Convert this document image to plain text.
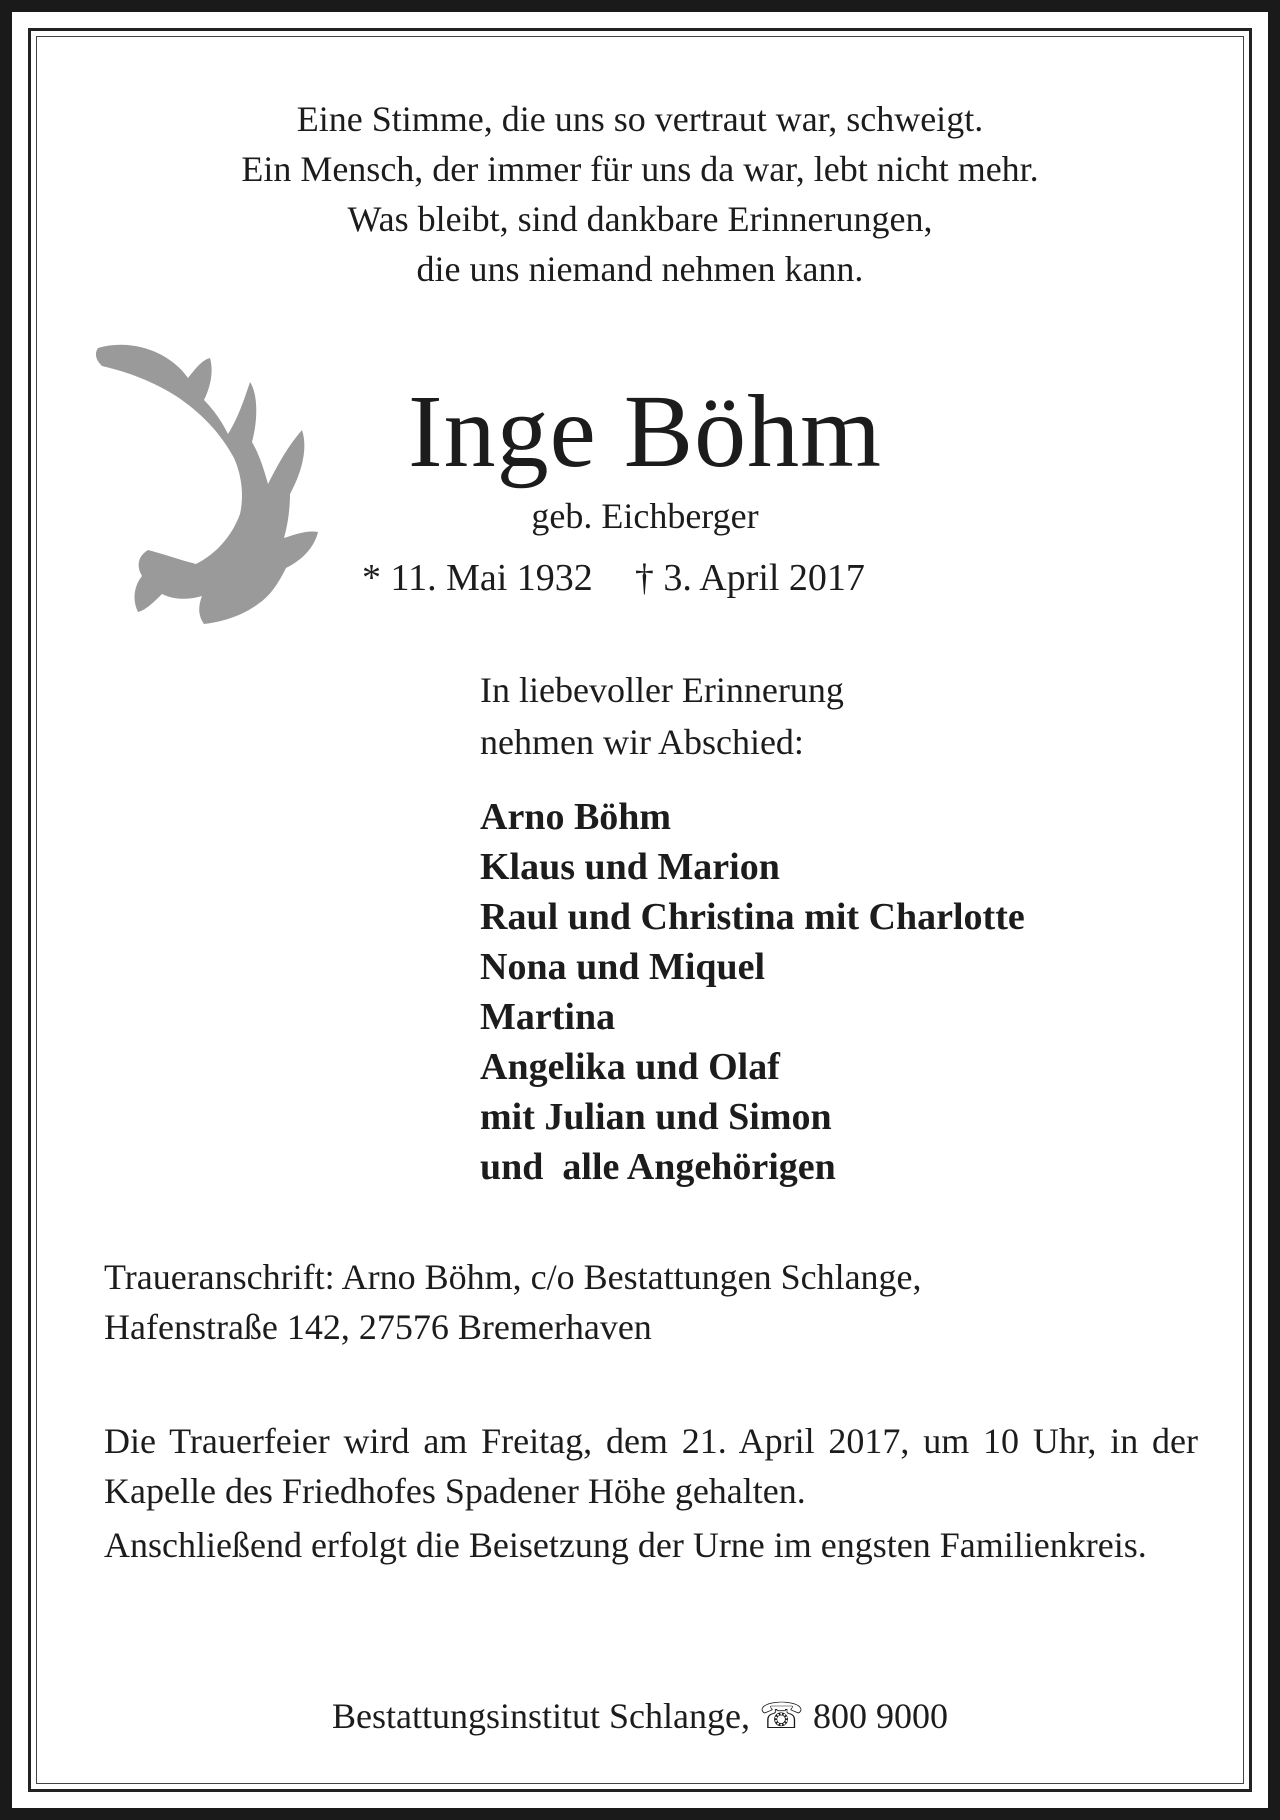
Eine Stimme, die uns so vertraut war, schweigt.
Ein Mensch, der immer für uns da war, lebt nicht mehr.
Was bleibt, sind dankbare Erinnerungen,
die uns niemand nehmen kann.
Inge Böhm
geb. Eichberger
* 11. Mai 1932 † 3. April 2017
In liebevoller Erinnerung
nehmen wir Abschied:
Arno Böhm
Klaus und Marion
Raul und Christina mit Charlotte
Nona und Miquel
Martina
Angelika und Olaf
mit Julian und Simon
und  alle Angehörigen
Traueranschrift: Arno Böhm, c/o Bestattungen Schlange,
Hafenstraße 142, 27576 Bremerhaven

Die Trauerfeier wird am Freitag, dem 21. April 2017, um 10 Uhr, in der Kapelle des Friedhofes Spadener Höhe gehalten.

Anschließend erfolgt die Beisetzung der Urne im engsten Familienkreis.

Bestattungsinstitut Schlange, ☏ 800 9000
